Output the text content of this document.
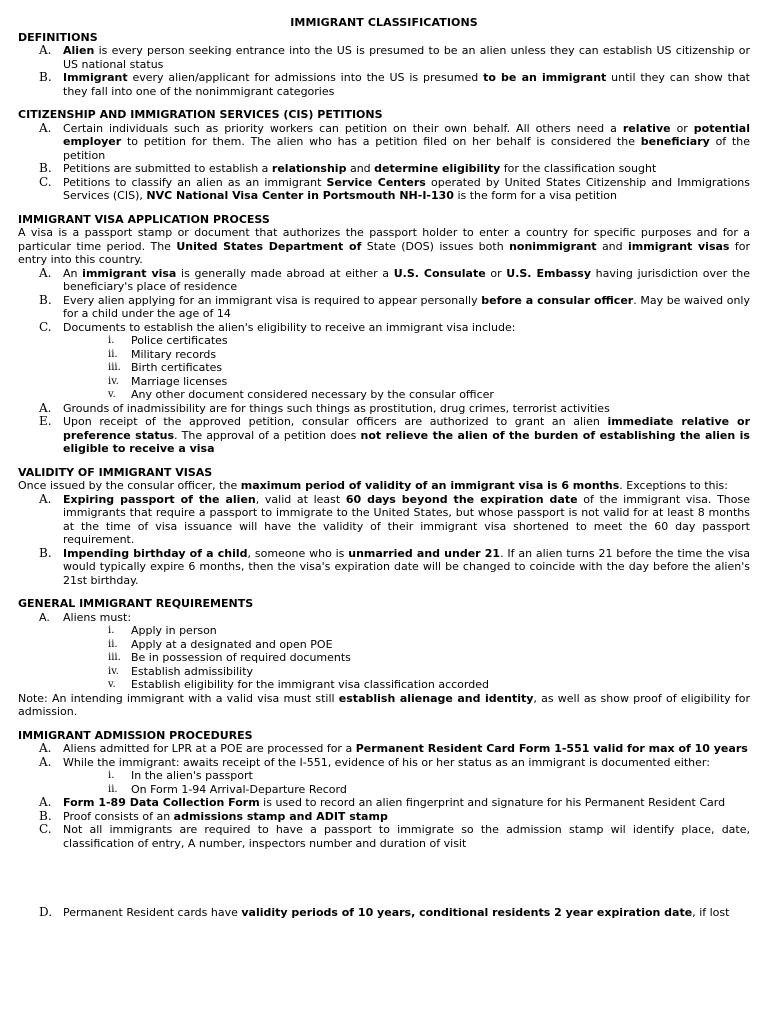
IMMIGRANT CLASSIFICATIONS
DEFINITIONS
A.	Alien is every person seeking entrance into the US is presumed to be an alien unless they can establish US citizenship or US national status
B.	Immigrant every alien/applicant for admissions into the US is presumed to be an immigrant until they can show that they fall into one of the nonimmigrant categories
CITIZENSHIP AND IMMIGRATION SERVICES (CIS) PETITIONS
A.	Certain individuals such as priority workers can petition on their own behalf. All others need a relative or potential employer to petition for them. The alien who has a petition filed on her behalf is considered the beneficiary of the petition
B.	Petitions are submitted to establish a relationship and determine eligibility for the classification sought
C.	Petitions to classify an alien as an immigrant Service Centers operated by United States Citizenship and Immigrations Services (CIS), NVC National Visa Center in Portsmouth NH-I-130 is the form for a visa petition
IMMIGRANT VISA APPLICATION PROCESS
A visa is a passport stamp or document that authorizes the passport holder to enter a country for specific purposes and for a particular time period. The United States Department of State (DOS) issues both nonimmigrant and immigrant visas for entry into this country.
A.	An immigrant visa is generally made abroad at either a U.S. Consulate or U.S. Embassy having jurisdiction over the beneficiary's place of residence
B.	Every alien applying for an immigrant visa is required to appear personally before a consular officer. May be waived only for a child under the age of 14
C.	Documents to establish the alien's eligibility to receive an immigrant visa include:
i.	Police certificates
ii.	Military records
iii. Birth certificates
iv.	Marriage licenses
v.	Any other document considered necessary by the consular officer
A.	Grounds of inadmissibility are for things such things as prostitution, drug crimes, terrorist activities
E.	Upon receipt of the approved petition, consular officers are authorized to grant an alien immediate relative or preference status. The approval of a petition does not relieve the alien of the burden of establishing the alien is eligible to receive a visa
VALIDITY OF IMMIGRANT VISAS
Once issued by the consular officer, the maximum period of validity of an immigrant visa is 6 months. Exceptions to this:
A.	Expiring passport of the alien, valid at least 60 days beyond the expiration date of the immigrant visa. Those immigrants that require a passport to immigrate to the United States, but whose passport is not valid for at least 8 months at the time of visa issuance will have the validity of their immigrant visa shortened to meet the 60 day passport requirement.
B.	Impending birthday of a child, someone who is unmarried and under 21. If an alien turns 21 before the time the visa would typically expire 6 months, then the visa's expiration date will be changed to coincide with the day before the alien's 21st birthday.
GENERAL IMMIGRANT REQUIREMENTS
A.	Aliens must:
i.	Apply in person
ii.	Apply at a designated and open POE
iii. Be in possession of required documents
iv.	Establish admissibility
v.	Establish eligibility for the immigrant visa classification accorded
Note: An intending immigrant with a valid visa must still establish alienage and identity, as well as show proof of eligibility for admission.
IMMIGRANT ADMISSION PROCEDURES
A.	Aliens admitted for LPR at a POE are processed for a Permanent Resident Card Form 1-551 valid for max of 10 years
A.	While the immigrant: awaits receipt of the I-551, evidence of his or her status as an immigrant is documented either:
i.	In the alien's passport
ii.	On Form 1-94 Arrival-Departure Record
A.	Form 1-89 Data Collection Form is used to record an alien fingerprint and signature for his Permanent Resident Card
B.	Proof consists of an admissions stamp and ADIT stamp
C.	Not all immigrants are required to have a passport to immigrate so the admission stamp wil identify place, date, classification of entry, A number, inspectors number and duration of visit
D. Permanent Resident cards have validity periods of 10 years, conditional residents 2 year expiration date, if lost
